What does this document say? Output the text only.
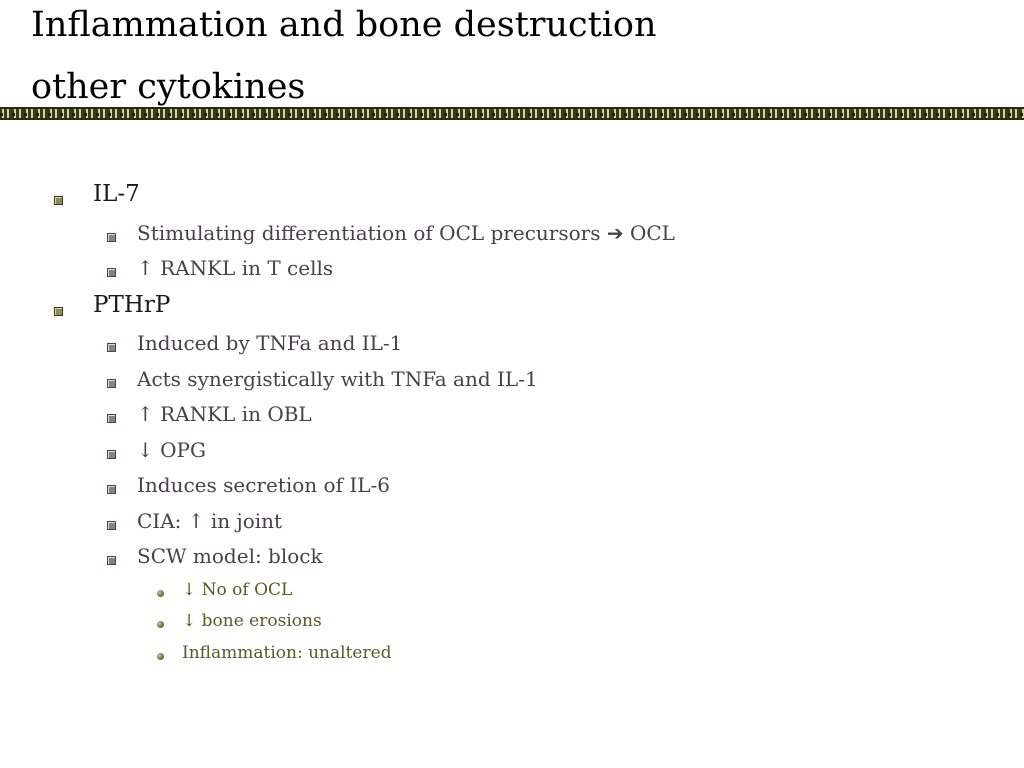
Inflammation and bone destruction
other cytokines
IL-7
Stimulating differentiation of OCL precursors ➔ OCL
↑ RANKL in T cells
PTHrP
Induced by TNFa and IL-1
Acts synergistically with TNFa and IL-1
↑ RANKL in OBL
↓ OPG
Induces secretion of IL-6
CIA: ↑ in joint
SCW model: block
↓ No of OCL
↓ bone erosions
Inflammation: unaltered
